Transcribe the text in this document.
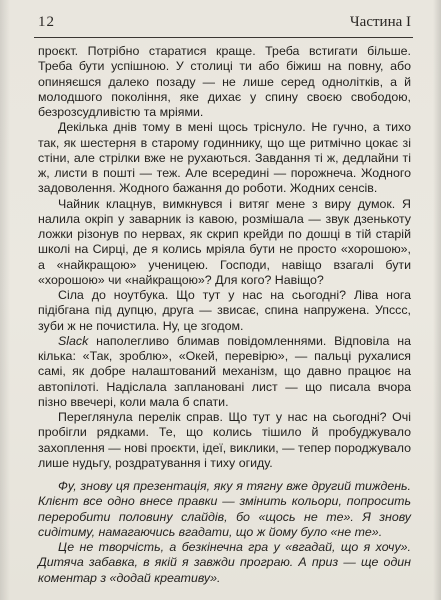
12	Частина І

проєкт. Потрібно старатися краще. Треба встигати більше. Треба бути успішною. У столиці ти або біжиш на повну, або опиняєшся далеко позаду — не лише серед однолітків, а й молодшого покоління, яке дихає у спину своєю свободою, безрозсудливістю та мріями.

Декілька днів тому в мені щось тріснуло. Не гучно, а тихо так, як шестерня в старому годиннику, що ще ритмічно цокає зі стіни, але стрілки вже не рухаються. Завдання ті ж, дедлайни ті ж, листи в пошті — теж. Але всередині — порожнеча. Жодного задоволення. Жодного бажання до роботи. Жодних сенсів.

Чайник клацнув, вимкнувся і витяг мене з виру думок. Я налила окріп у заварник із кавою, розмішала — звук дзенькоту ложки різонув по нервах, як скрип крейди по дошці в тій старій школі на Сирці, де я колись мріяла бути не просто «хорошою», а «найкращою» ученицею. Господи, навіщо взагалі бути «хорошою» чи «найкращою»? Для кого? Навіщо?

Сіла до ноутбука. Що тут у нас на сьогодні? Ліва нога підібгана під дупцю, друга — звисає, спина напружена. Упссс, зуби ж не почистила. Ну, це згодом.

Slack наполегливо блимав повідомленнями. Відповіла на кілька: «Так, зроблю», «Окей, перевірю», — пальці рухалися самі, як добре налаштований механізм, що давно працює на автопілоті. Надіслала заплановані лист — що писала вчора пізно ввечері, коли мала б спати.

Переглянула перелік справ. Що тут у нас на сьогодні? Очі пробігли рядками. Те, що колись тішило й пробуджувало захоплення — нові проєкти, ідеї, виклики, — тепер породжувало лише нудьгу, роздратування і тиху огиду.

Фу, знову ця презентація, яку я тягну вже другий тиждень. Клієнт все одно внесе правки — змінить кольори, попросить переробити половину слайдів, бо «щось не те». Я знову сидітиму, намагаючись вгадати, що ж йому було «не те».

Це не творчість, а безкінечна гра у «вгадай, що я хочу». Дитяча забавка, в якій я завжди програю. А приз — ще один коментар з «додай креативу».
